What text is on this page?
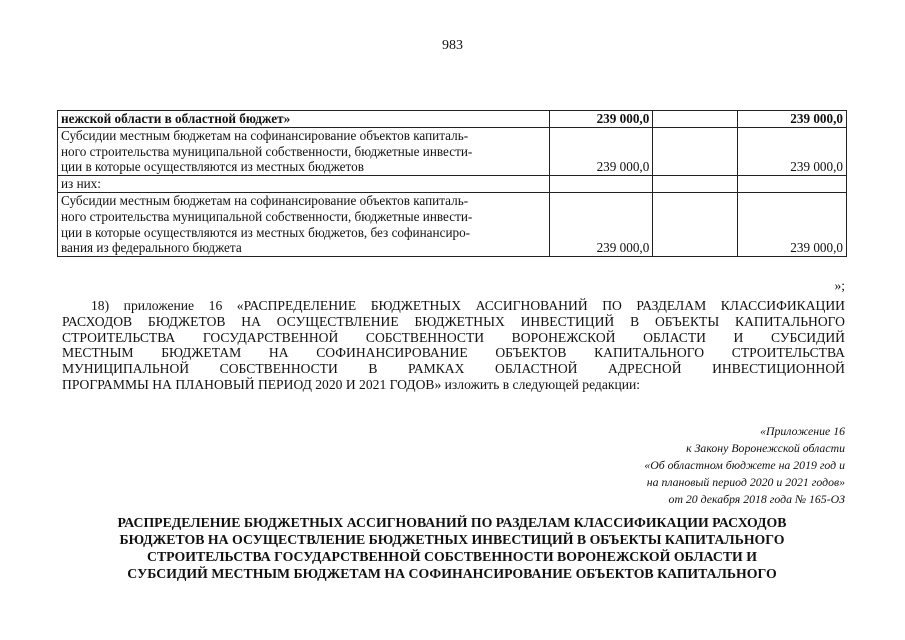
983
нежской области в областной бюджет»	239 000,0		239 000,0

Субсидии местным бюджетам на софинансирование объектов капиталь-
ного строительства муниципальной собственности, бюджетные инвести-
ции в которые осуществляются из местных бюджетов	239 000,0		239 000,0

из них:			

Субсидии местным бюджетам на софинансирование объектов капиталь-
ного строительства муниципальной собственности, бюджетные инвести-
ции в которые осуществляются из местных бюджетов, без софинансиро-
вания из федерального бюджета	239 000,0		239 000,0
»;
18) приложение 16 «РАСПРЕДЕЛЕНИЕ БЮДЖЕТНЫХ АССИГНОВАНИЙ ПО РАЗДЕЛАМ КЛАССИФИКАЦИИ
РАСХОДОВ БЮДЖЕТОВ НА ОСУЩЕСТВЛЕНИЕ БЮДЖЕТНЫХ ИНВЕСТИЦИЙ В ОБЪЕКТЫ КАПИТАЛЬНОГО
СТРОИТЕЛЬСТВА ГОСУДАРСТВЕННОЙ СОБСТВЕННОСТИ ВОРОНЕЖСКОЙ ОБЛАСТИ И СУБСИДИЙ
МЕСТНЫМ БЮДЖЕТАМ НА СОФИНАНСИРОВАНИЕ ОБЪЕКТОВ КАПИТАЛЬНОГО СТРОИТЕЛЬСТВА
МУНИЦИПАЛЬНОЙ СОБСТВЕННОСТИ В РАМКАХ ОБЛАСТНОЙ АДРЕСНОЙ ИНВЕСТИЦИОННОЙ
ПРОГРАММЫ НА ПЛАНОВЫЙ ПЕРИОД 2020 И 2021 ГОДОВ» изложить в следующей редакции:
«Приложение 16
к Закону Воронежской области
«Об областном бюджете на 2019 год и
на плановый период 2020 и 2021 годов»
от 20 декабря 2018 года № 165-ОЗ
РАСПРЕДЕЛЕНИЕ БЮДЖЕТНЫХ АССИГНОВАНИЙ ПО РАЗДЕЛАМ КЛАССИФИКАЦИИ РАСХОДОВ
БЮДЖЕТОВ НА ОСУЩЕСТВЛЕНИЕ БЮДЖЕТНЫХ ИНВЕСТИЦИЙ В ОБЪЕКТЫ КАПИТАЛЬНОГО
СТРОИТЕЛЬСТВА ГОСУДАРСТВЕННОЙ СОБСТВЕННОСТИ ВОРОНЕЖСКОЙ ОБЛАСТИ И
СУБСИДИЙ МЕСТНЫМ БЮДЖЕТАМ НА СОФИНАНСИРОВАНИЕ ОБЪЕКТОВ КАПИТАЛЬНОГО
